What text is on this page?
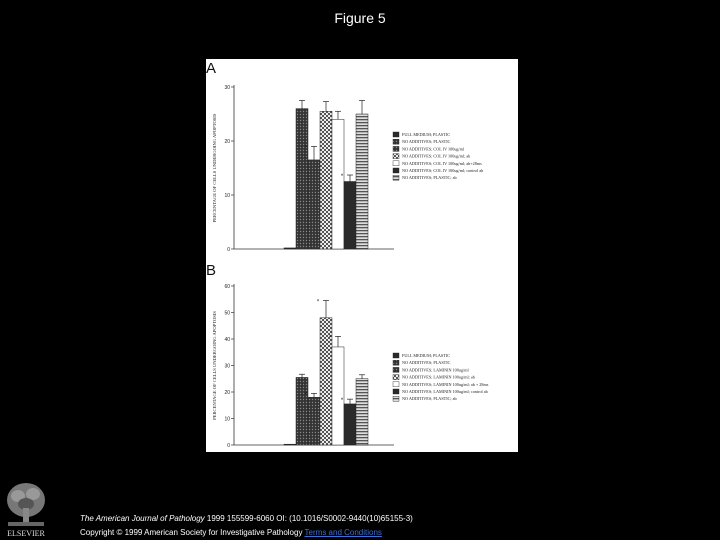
Figure 5
A
PERCENTAGE OF CELLS UNDERGOING APOPTOSIS
0
10
20
30
*
*
FULL MEDIUM; PLASTIC
NO ADDITIVES; PLASTIC
NO ADDITIVES; COL IV 100ug/ml
NO ADDITIVES; COL IV 100ug/ml; ab
NO ADDITIVES; COL IV 100ug/ml; ab+28ms
NO ADDITIVES; COL IV 100ug/ml; control ab
NO ADDITIVES; PLASTIC; ab
B
PERCENTAGE OF CELLS UNDERGOING APOPTOSIS
0
10
20
30
40
50
60
*
*
*
*
FULL MEDIUM; PLASTIC
NO ADDITIVES; PLASTIC
NO ADDITIVES; LAMININ 100ug/ml
NO ADDITIVES; LAMININ 100ug/ml; ab
NO ADDITIVES; LAMININ 100ug/ml; ab + 28ms
NO ADDITIVES; LAMININ 100ug/ml; control ab
NO ADDITIVES; PLASTIC; ab
ELSEVIER
The American Journal of Pathology 1999 155599-6060 OI: (10.1016/S0002-9440(10)65155-3)
Copyright © 1999 American Society for Investigative Pathology Terms and Conditions
